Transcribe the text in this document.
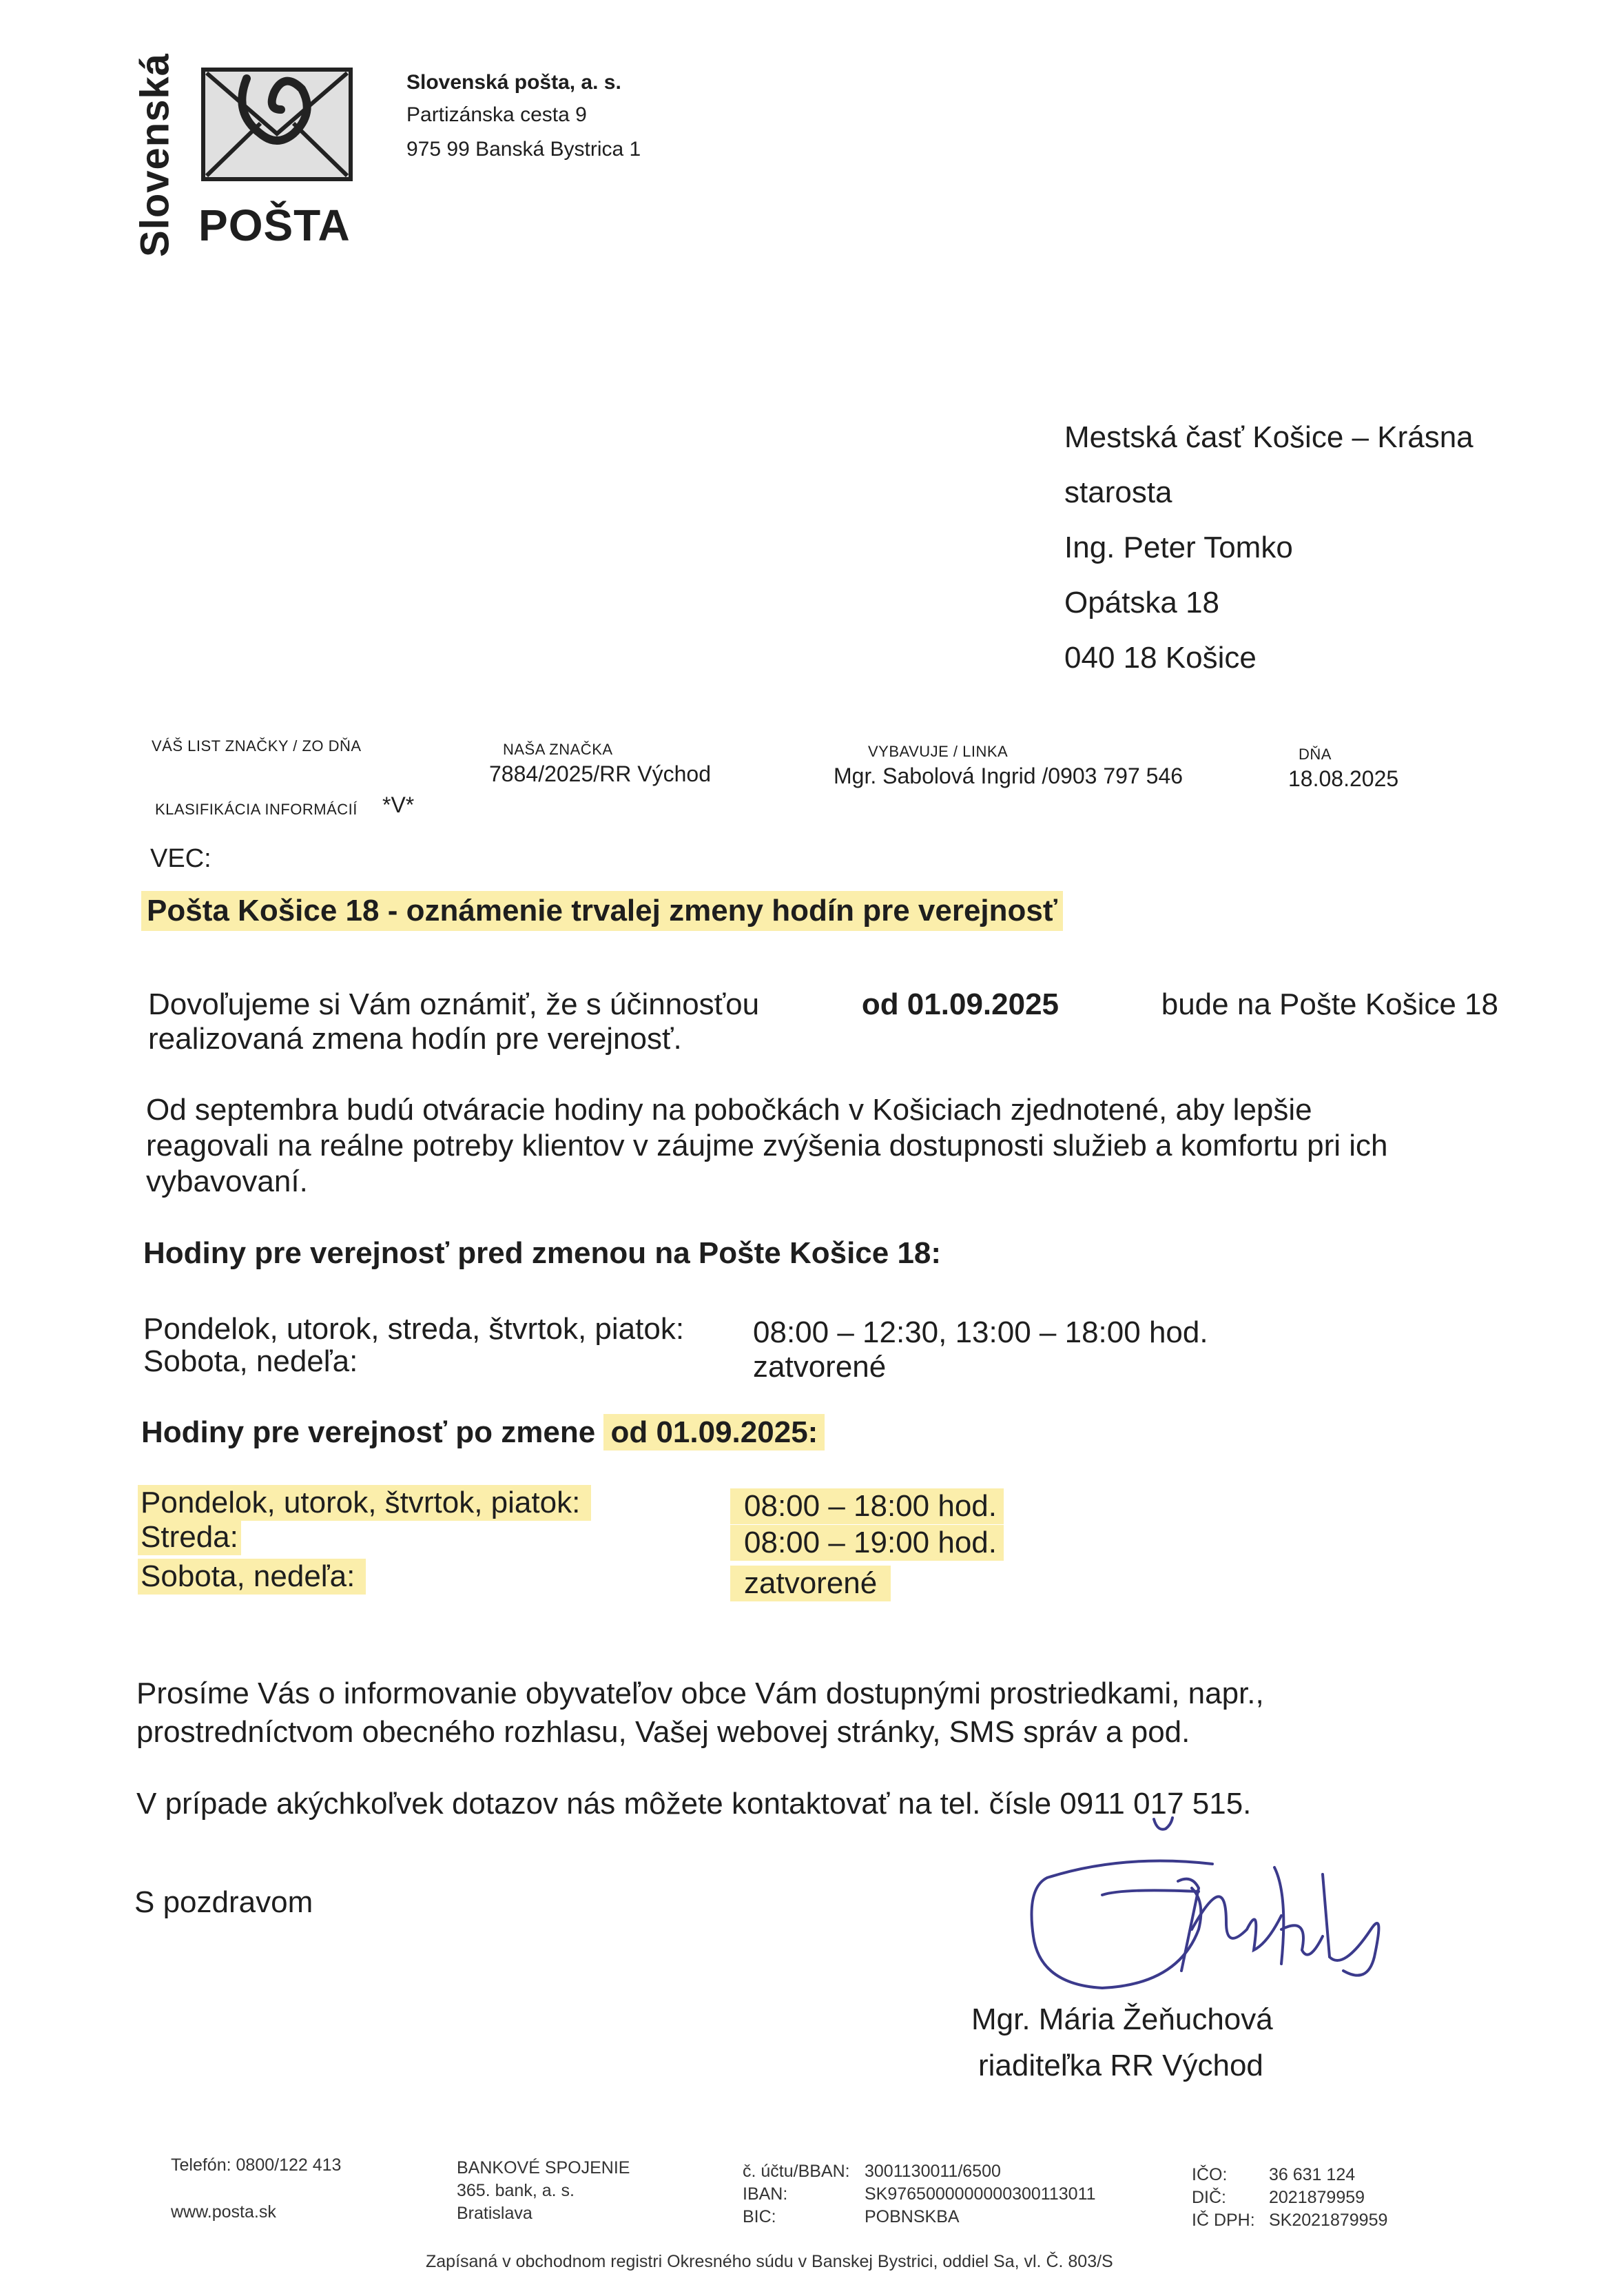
Slovenská POŠTA
Slovenská pošta, a. s.
Partizánska cesta 9
975 99 Banská Bystrica 1
Mestská časť Košice – Krásna
starosta
Ing. Peter Tomko
Opátska 18
040 18 Košice
VÁŠ LIST ZNAČKY / ZO DŇA	NAŠA ZNAČKA
7884/2025/RR Východ
VYBAVUJE / LINKA
Mgr. Sabolová Ingrid /0903 797 546
DŇA
18.08.2025
KLASIFIKÁCIA INFORMÁCIÍ *V*
VEC:
Pošta Košice 18 - oznámenie trvalej zmeny hodín pre verejnosť
Dovoľujeme si Vám oznámiť, že s účinnosťou	od 01.09.2025	bude na Pošte Košice 18
realizovaná zmena hodín pre verejnosť.
Od septembra budú otváracie hodiny na pobočkách v Košiciach zjednotené, aby lepšie
reagovali na reálne potreby klientov v záujme zvýšenia dostupnosti služieb a komfortu pri ich
vybavovaní.
Hodiny pre verejnosť pred zmenou na Pošte Košice 18:
Pondelok, utorok, streda, štvrtok, piatok: 08:00 – 12:30, 13:00 – 18:00 hod.
Sobota, nedeľa:	zatvorené
Hodiny pre verejnosť po zmene od 01.09.2025:
Pondelok, utorok, štvrtok, piatok:	08:00 – 18:00 hod.
Streda:	08:00 – 19:00 hod.
Sobota, nedeľa:	zatvorené
Prosíme Vás o informovanie obyvateľov obce Vám dostupnými prostriedkami, napr.,
prostredníctvom obecného rozhlasu, Vašej webovej stránky, SMS správ a pod.
V prípade akýchkoľvek dotazov nás môžete kontaktovať na tel. čísle 0911 017 515.
S pozdravom
Mgr. Mária Žeňuchová
riaditeľka RR Východ
Telefón: 0800/122 413
www.posta.sk
BANKOVÉ SPOJENIE
365. bank, a. s.
Bratislava
č. účtu/BBAN: 3001130011/6500
IBAN:	SK9765000000000300113011
BIC:	POBNSKBA
IČO: 36 631 124
DIČ: 2021879959
IČ DPH: SK2021879959
Zapísaná v obchodnom registri Okresného súdu v Banskej Bystrici, oddiel Sa, vl. Č. 803/S
